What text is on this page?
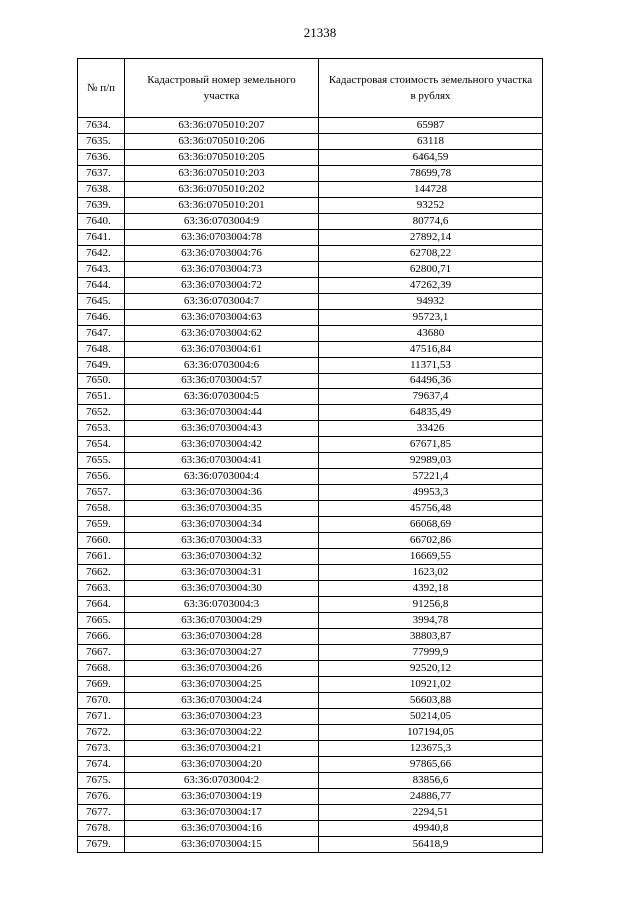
21338
№ п/п	Кадастровый номер земельного участка	Кадастровая стоимость земельного участка в рублях
7634.	63:36:0705010:207	65987
7635.	63:36:0705010:206	63118
7636.	63:36:0705010:205	6464,59
7637.	63:36:0705010:203	78699,78
7638.	63:36:0705010:202	144728
7639.	63:36:0705010:201	93252
7640.	63:36:0703004:9	80774,6
7641.	63:36:0703004:78	27892,14
7642.	63:36:0703004:76	62708,22
7643.	63:36:0703004:73	62800,71
7644.	63:36:0703004:72	47262,39
7645.	63:36:0703004:7	94932
7646.	63:36:0703004:63	95723,1
7647.	63:36:0703004:62	43680
7648.	63:36:0703004:61	47516,84
7649.	63:36:0703004:6	11371,53
7650.	63:36:0703004:57	64496,36
7651.	63:36:0703004:5	79637,4
7652.	63:36:0703004:44	64835,49
7653.	63:36:0703004:43	33426
7654.	63:36:0703004:42	67671,85
7655.	63:36:0703004:41	92989,03
7656.	63:36:0703004:4	57221,4
7657.	63:36:0703004:36	49953,3
7658.	63:36:0703004:35	45756,48
7659.	63:36:0703004:34	66068,69
7660.	63:36:0703004:33	66702,86
7661.	63:36:0703004:32	16669,55
7662.	63:36:0703004:31	1623,02
7663.	63:36:0703004:30	4392,18
7664.	63:36:0703004:3	91256,8
7665.	63:36:0703004:29	3994,78
7666.	63:36:0703004:28	38803,87
7667.	63:36:0703004:27	77999,9
7668.	63:36:0703004:26	92520,12
7669.	63:36:0703004:25	10921,02
7670.	63:36:0703004:24	56603,88
7671.	63:36:0703004:23	50214,05
7672.	63:36:0703004:22	107194,05
7673.	63:36:0703004:21	123675,3
7674.	63:36:0703004:20	97865,66
7675.	63:36:0703004:2	83856,6
7676.	63:36:0703004:19	24886,77
7677.	63:36:0703004:17	2294,51
7678.	63:36:0703004:16	49940,8
7679.	63:36:0703004:15	56418,9
